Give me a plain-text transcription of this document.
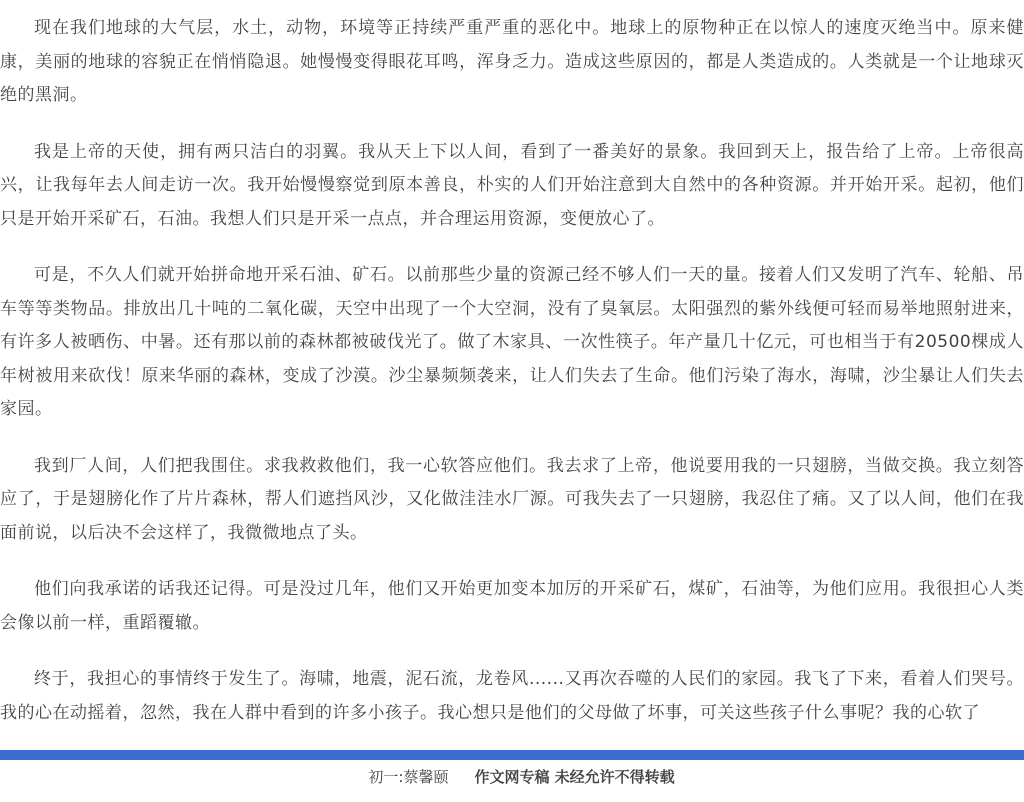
现在我们地球的大气层，水土，动物，环境等正持续严重严重的恶化中。地球上的原物种正在以惊人的速度灭绝当中。原来健康，美丽的地球的容貌正在悄悄隐退。她慢慢变得眼花耳鸣，浑身乏力。造成这些原因的，都是人类造成的。人类就是一个让地球灭绝的黑洞。

我是上帝的天使，拥有两只洁白的羽翼。我从天上下以人间，看到了一番美好的景象。我回到天上，报告给了上帝。上帝很高兴，让我每年去人间走访一次。我开始慢慢察觉到原本善良，朴实的人们开始注意到大自然中的各种资源。并开始开采。起初，他们只是开始开采矿石，石油。我想人们只是开采一点点，并合理运用资源，变便放心了。

可是，不久人们就开始拼命地开采石油、矿石。以前那些少量的资源己经不够人们一天的量。接着人们又发明了汽车、轮船、吊车等等类物品。排放出几十吨的二氧化碳，天空中出现了一个大空洞，没有了臭氧层。太阳强烈的紫外线便可轻而易举地照射进来，有许多人被晒伤、中暑。还有那以前的森林都被破伐光了。做了木家具、一次性筷子。年产量几十亿元，可也相当于有20500棵成人年树被用来砍伐！原来华丽的森林，变成了沙漠。沙尘暴频频袭来，让人们失去了生命。他们污染了海水，海啸，沙尘暴让人们失去家园。

我到厂人间，人们把我围住。求我救救他们，我一心软答应他们。我去求了上帝，他说要用我的一只翅膀，当做交换。我立刻答应了，于是翅膀化作了片片森林，帮人们遮挡风沙，又化做洼洼水厂源。可我失去了一只翅膀，我忍住了痛。又了以人间，他们在我面前说，以后决不会这样了，我微微地点了头。

他们向我承诺的话我还记得。可是没过几年，他们又开始更加变本加厉的开采矿石，煤矿，石油等，为他们应用。我很担心人类会像以前一样，重蹈覆辙。

终于，我担心的事情终于发生了。海啸，地震，泥石流，龙卷风......又再次吞噬的人民们的家园。我飞了下来，看着人们哭号。我的心在动摇着，忽然，我在人群中看到的许多小孩子。我心想只是他们的父母做了坏事，可关这些孩子什么事呢？我的心软了

初一:蔡馨颐 作文网专稿 未经允许不得转载
